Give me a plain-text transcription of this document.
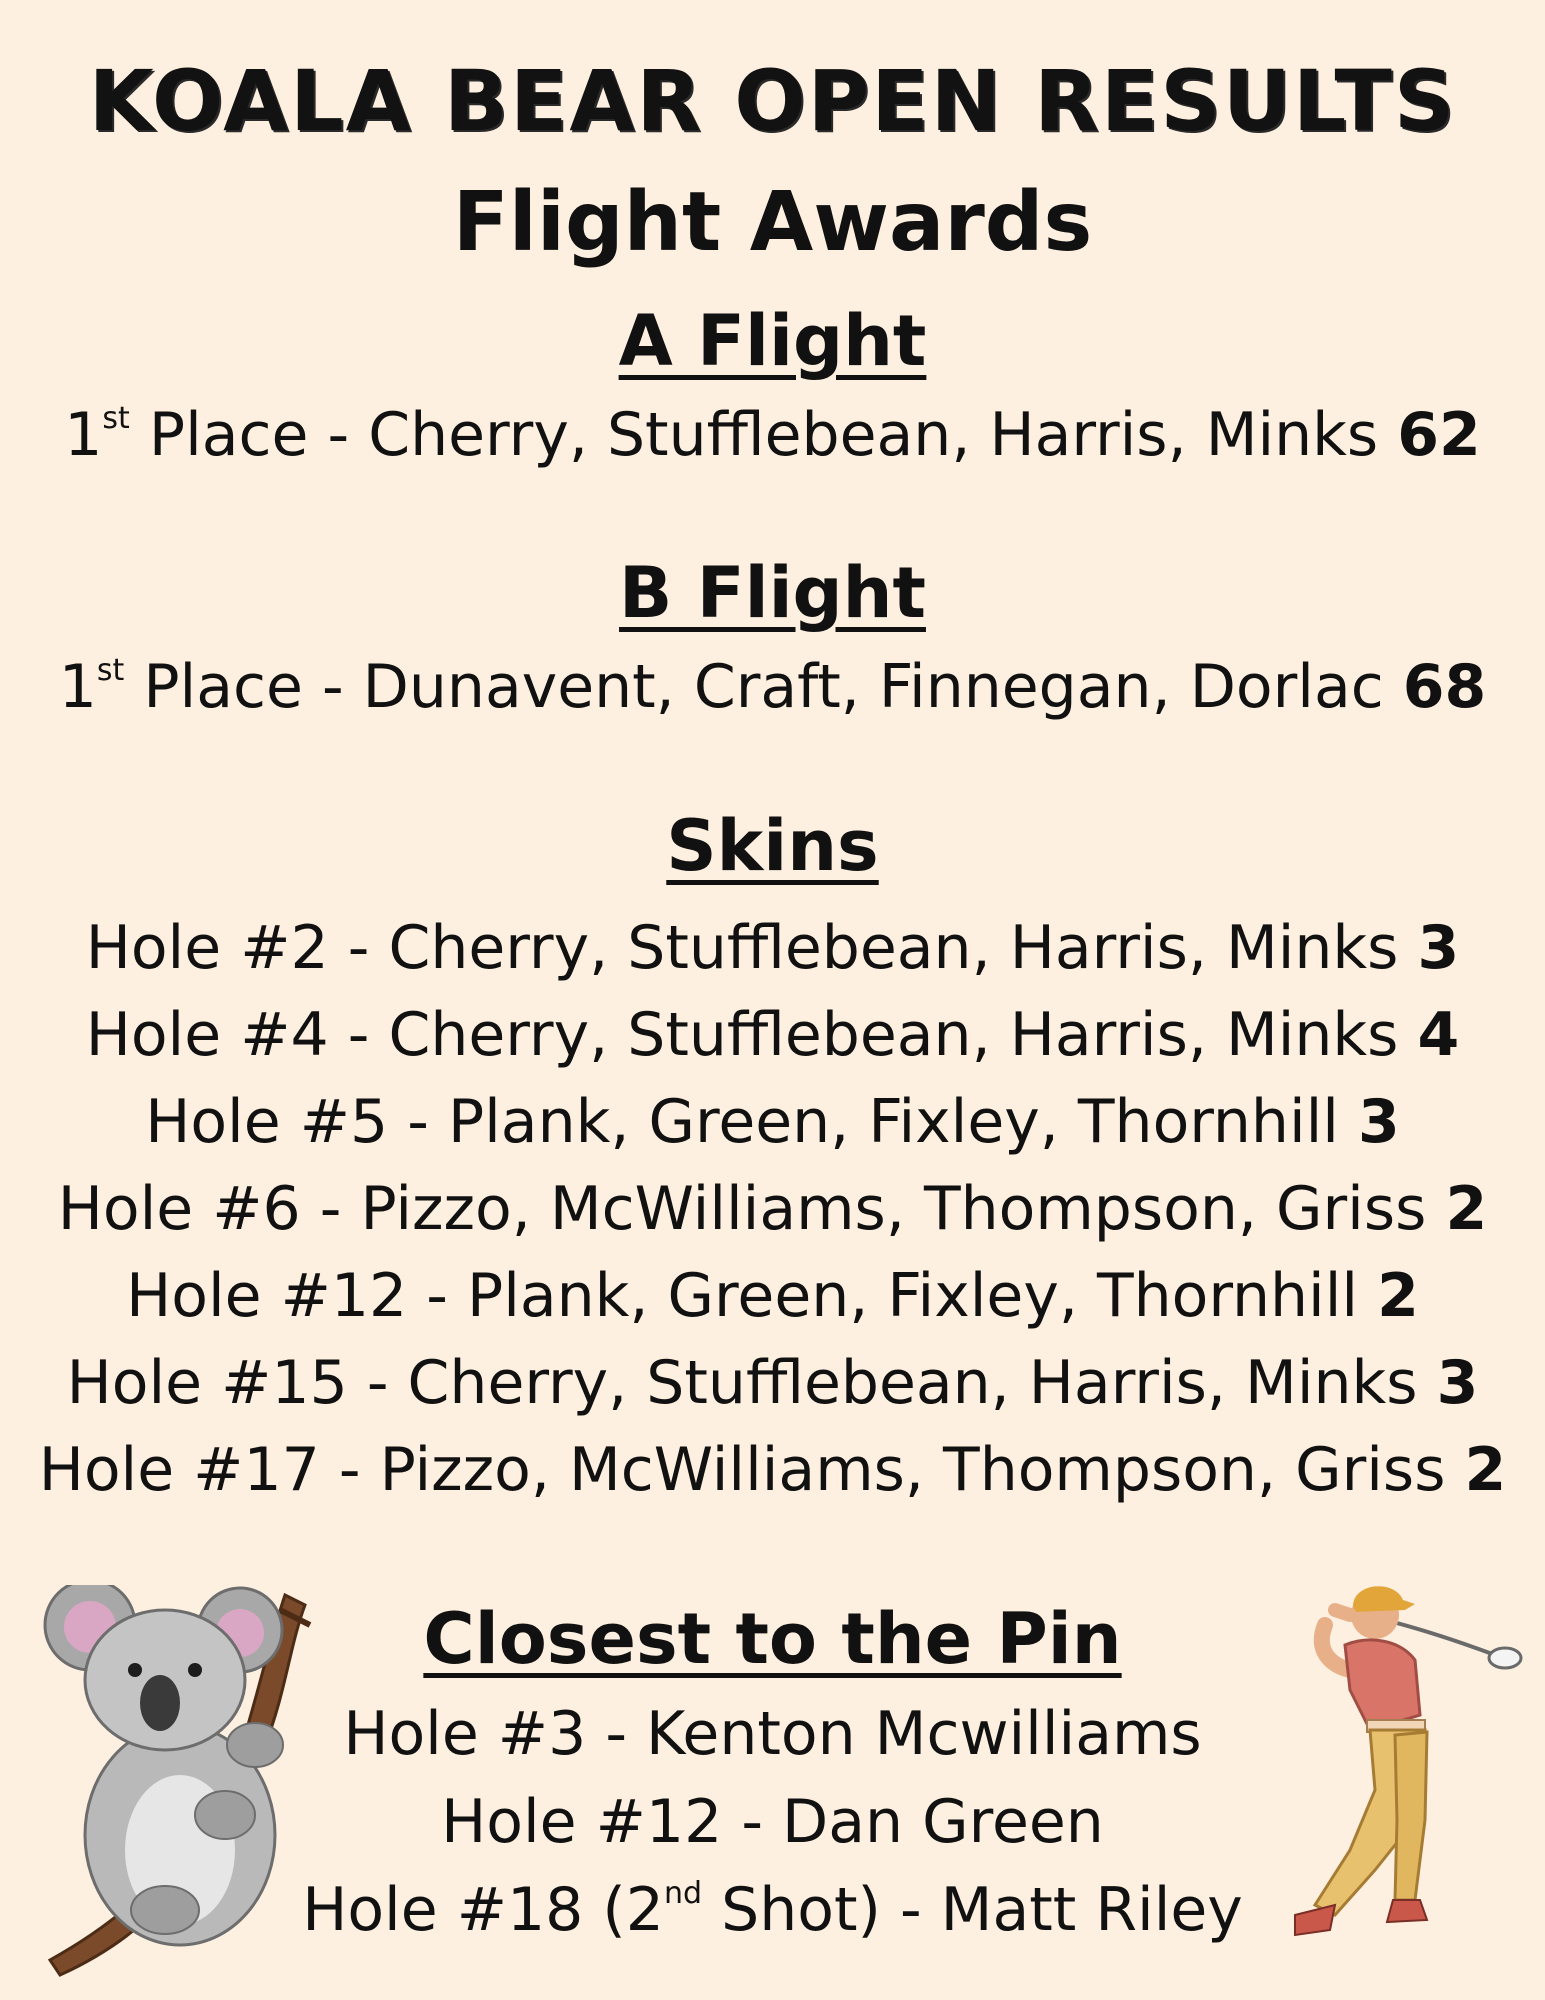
KOALA BEAR OPEN RESULTS
Flight Awards
A Flight
1st Place - Cherry, Stufflebean, Harris, Minks 62
B Flight
1st Place - Dunavent, Craft, Finnegan, Dorlac 68
Skins
Hole #2 - Cherry, Stufflebean, Harris, Minks 3
Hole #4 - Cherry, Stufflebean, Harris, Minks 4
Hole #5 - Plank, Green, Fixley, Thornhill 3
Hole #6 - Pizzo, McWilliams, Thompson, Griss 2
Hole #12 - Plank, Green, Fixley, Thornhill 2
Hole #15 - Cherry, Stufflebean, Harris, Minks 3
Hole #17 - Pizzo, McWilliams, Thompson, Griss 2
Closest to the Pin
Hole #3 - Kenton Mcwilliams
Hole #12 - Dan Green
Hole #18 (2nd Shot) - Matt Riley
